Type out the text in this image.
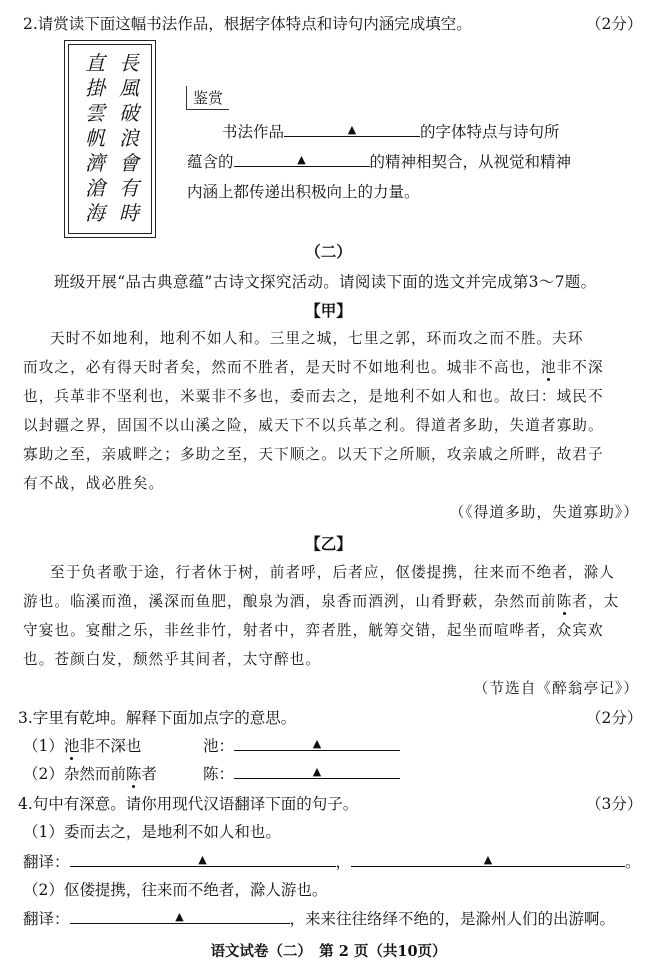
2.请赏读下面这幅书法作品，根据字体特点和诗句内涵完成填空。	（2分）
長
風
破
浪
會
有
時
直
掛
雲
帆
濟
滄
海
鉴赏
书法作品	▲	的字体特点与诗句所
蕴含的	▲	的精神相契合，从视觉和精神
内涵上都传递出积极向上的力量。
（二）
班级开展“品古典意蕴”古诗文探究活动。请阅读下面的选文并完成第3～7题。
【甲】
天时不如地利，地利不如人和。三里之城，七里之郭，环而攻之而不胜。夫环
而攻之，必有得天时者矣，然而不胜者，是天时不如地利也。城非不高也，池非不深
也，兵革非不坚利也，米粟非不多也，委而去之，是地利不如人和也。故曰：域民不
以封疆之界，固国不以山溪之险，威天下不以兵革之利。得道者多助，失道者寡助。
寡助之至，亲戚畔之；多助之至，天下顺之。以天下之所顺，攻亲戚之所畔，故君子
有不战，战必胜矣。
（《得道多助，失道寡助》）
【乙】
至于负者歌于途，行者休于树，前者呼，后者应，伛偻提携，往来而不绝者，滁人
游也。临溪而渔，溪深而鱼肥，酿泉为酒，泉香而酒洌，山肴野蔌，杂然而前陈者，太
守宴也。宴酣之乐，非丝非竹，射者中，弈者胜，觥筹交错，起坐而喧哗者，众宾欢
也。苍颜白发，颓然乎其间者，太守醉也。
（节选自《醉翁亭记》）
3.字里有乾坤。解释下面加点字的意思。	（2分）
（1）池非不深也	池：	▲
（2）杂然而前陈者	陈：	▲
4.句中有深意。请你用现代汉语翻译下面的句子。	（3分）
（1）委而去之，是地利不如人和也。
翻译：	▲	，	▲	。
（2）伛偻提携，往来而不绝者，滁人游也。
翻译：	▲	，来来往往络绎不绝的，是滁州人们的出游啊。
语文试卷（二）　第 2 页（共10页）
